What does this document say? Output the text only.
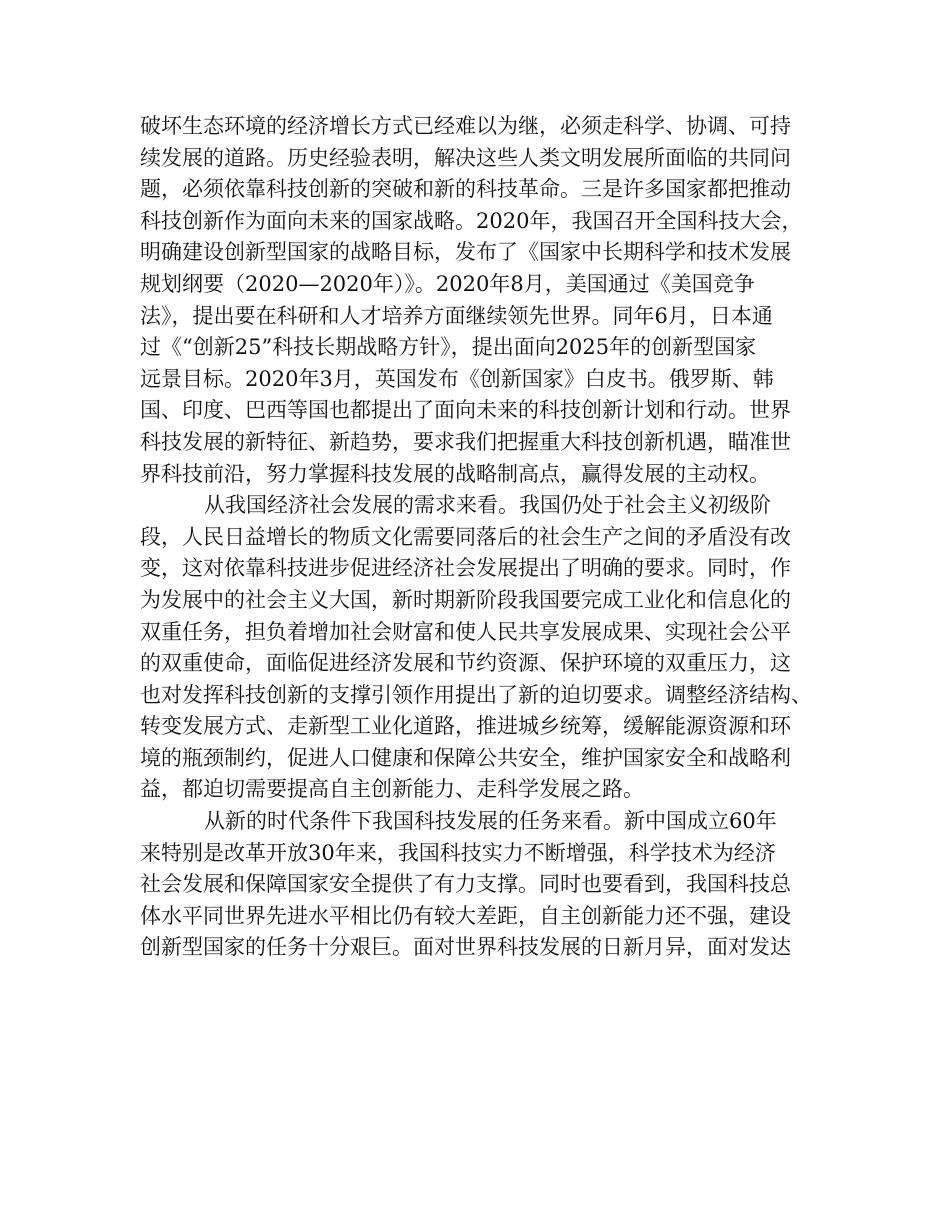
破坏生态环境的经济增长方式已经难以为继，必须走科学、协调、可持
续发展的道路。历史经验表明，解决这些人类文明发展所面临的共同问
题，必须依靠科技创新的突破和新的科技革命。三是许多国家都把推动
科技创新作为面向未来的国家战略。2020年，我国召开全国科技大会，
明确建设创新型国家的战略目标，发布了《国家中长期科学和技术发展
规划纲要（2020—2020年）》。2020年8月，美国通过《美国竞争
法》，提出要在科研和人才培养方面继续领先世界。同年6月，日本通
过《“创新25”科技长期战略方针》，提出面向2025年的创新型国家
远景目标。2020年3月，英国发布《创新国家》白皮书。俄罗斯、韩
国、印度、巴西等国也都提出了面向未来的科技创新计划和行动。世界
科技发展的新特征、新趋势，要求我们把握重大科技创新机遇，瞄准世
界科技前沿，努力掌握科技发展的战略制高点，赢得发展的主动权。
从我国经济社会发展的需求来看。我国仍处于社会主义初级阶
段，人民日益增长的物质文化需要同落后的社会生产之间的矛盾没有改
变，这对依靠科技进步促进经济社会发展提出了明确的要求。同时，作
为发展中的社会主义大国，新时期新阶段我国要完成工业化和信息化的
双重任务，担负着增加社会财富和使人民共享发展成果、实现社会公平
的双重使命，面临促进经济发展和节约资源、保护环境的双重压力，这
也对发挥科技创新的支撑引领作用提出了新的迫切要求。调整经济结构、
转变发展方式、走新型工业化道路，推进城乡统筹，缓解能源资源和环
境的瓶颈制约，促进人口健康和保障公共安全，维护国家安全和战略利
益，都迫切需要提高自主创新能力、走科学发展之路。
从新的时代条件下我国科技发展的任务来看。新中国成立60年
来特别是改革开放30年来，我国科技实力不断增强，科学技术为经济
社会发展和保障国家安全提供了有力支撑。同时也要看到，我国科技总
体水平同世界先进水平相比仍有较大差距，自主创新能力还不强，建设
创新型国家的任务十分艰巨。面对世界科技发展的日新月异，面对发达
